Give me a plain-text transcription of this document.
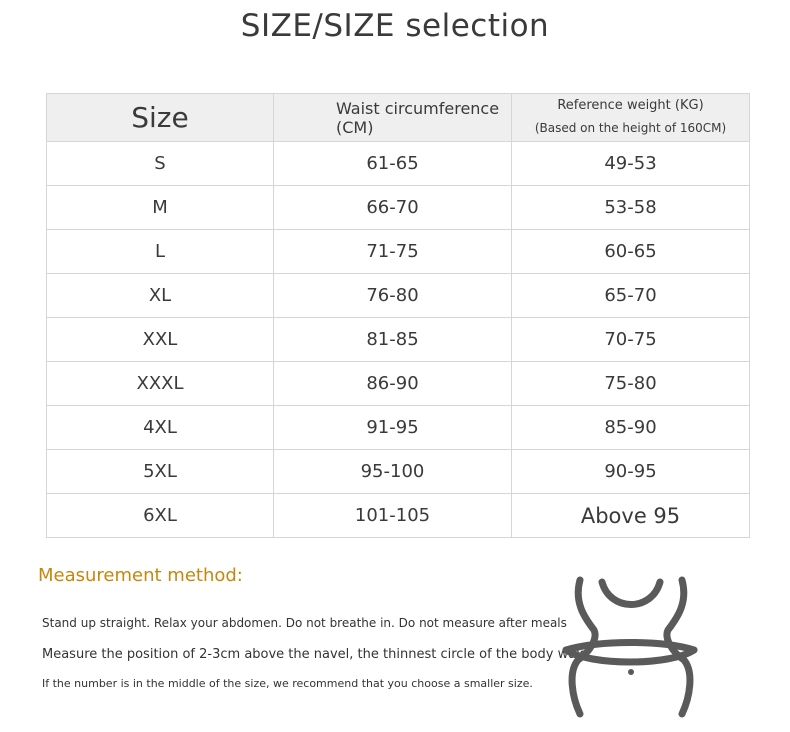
SIZE/SIZE selection
Size	Waist circumference (CM)	Reference weight (KG)
(Based on the height of 160CM)

S	61-65	49-53
M	66-70	53-58
L	71-75	60-65
XL	76-80	65-70
XXL	81-85	70-75
XXXL	86-90	75-80
4XL	91-95	85-90
5XL	95-100	90-95
6XL	101-105	Above 95
Measurement method:
Stand up straight. Relax your abdomen. Do not breathe in. Do not measure after meals
Measure the position of 2-3cm above the navel, the thinnest circle of the body waist
If the number is in the middle of the size, we recommend that you choose a smaller size.
